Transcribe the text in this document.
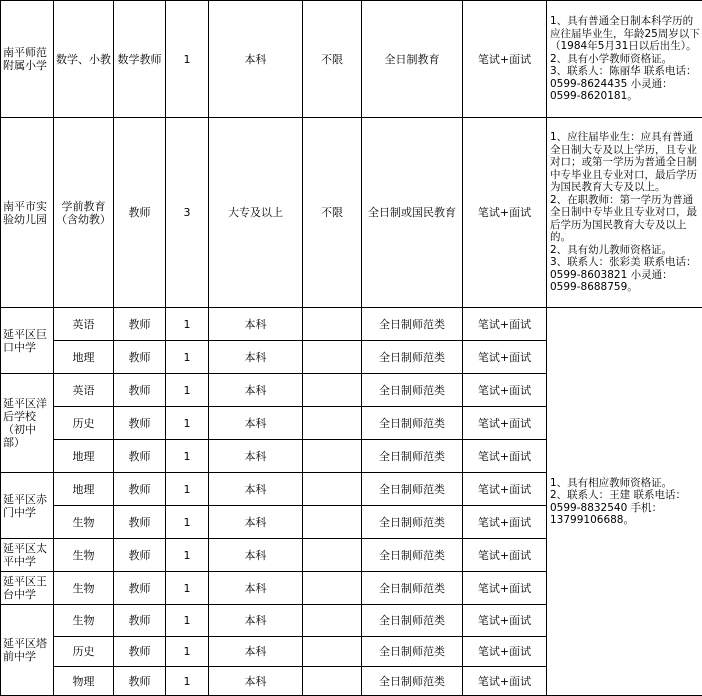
南平师范附属小学	数学、小教	数学教师	1	本科	不限	全日制教育	笔试+面试	1、具有普通全日制本科学历的应往届毕业生，年龄25周岁以下（1984年5月31日以后出生）。
2、具有小学教师资格证。
3、联系人：陈丽华 联系电话：0599-8624435 小灵通：0599-8620181。

南平市实验幼儿园	学前教育（含幼教）	教师	3	大专及以上	不限	全日制或国民教育	笔试+面试	1、应往届毕业生：应具有普通全日制大专及以上学历，且专业对口；或第一学历为普通全日制中专毕业且专业对口，最后学历为国民教育大专及以上。
2、在职教师：第一学历为普通全日制中专毕业且专业对口，最后学历为国民教育大专及以上的。
2、具有幼儿教师资格证。
3、联系人：张彩美 联系电话：0599-8603821 小灵通：0599-8688759。

延平区巨口中学	英语	教师	1	本科		全日制师范类	笔试+面试	1、具有相应教师资格证。
2、联系人：王建 联系电话：0599-8832540 手机：13799106688。

	地理	教师	1	本科		全日制师范类	笔试+面试	
延平区洋后学校（初中部）	英语	教师	1	本科		全日制师范类	笔试+面试	
	历史	教师	1	本科		全日制师范类	笔试+面试	
	地理	教师	1	本科		全日制师范类	笔试+面试	
延平区赤门中学	地理	教师	1	本科		全日制师范类	笔试+面试	
	生物	教师	1	本科		全日制师范类	笔试+面试	
延平区太平中学	生物	教师	1	本科		全日制师范类	笔试+面试	
延平区王台中学	生物	教师	1	本科		全日制师范类	笔试+面试	
延平区塔前中学	生物	教师	1	本科		全日制师范类	笔试+面试	
	历史	教师	1	本科		全日制师范类	笔试+面试	
	物理	教师	1	本科		全日制师范类	笔试+面试	
